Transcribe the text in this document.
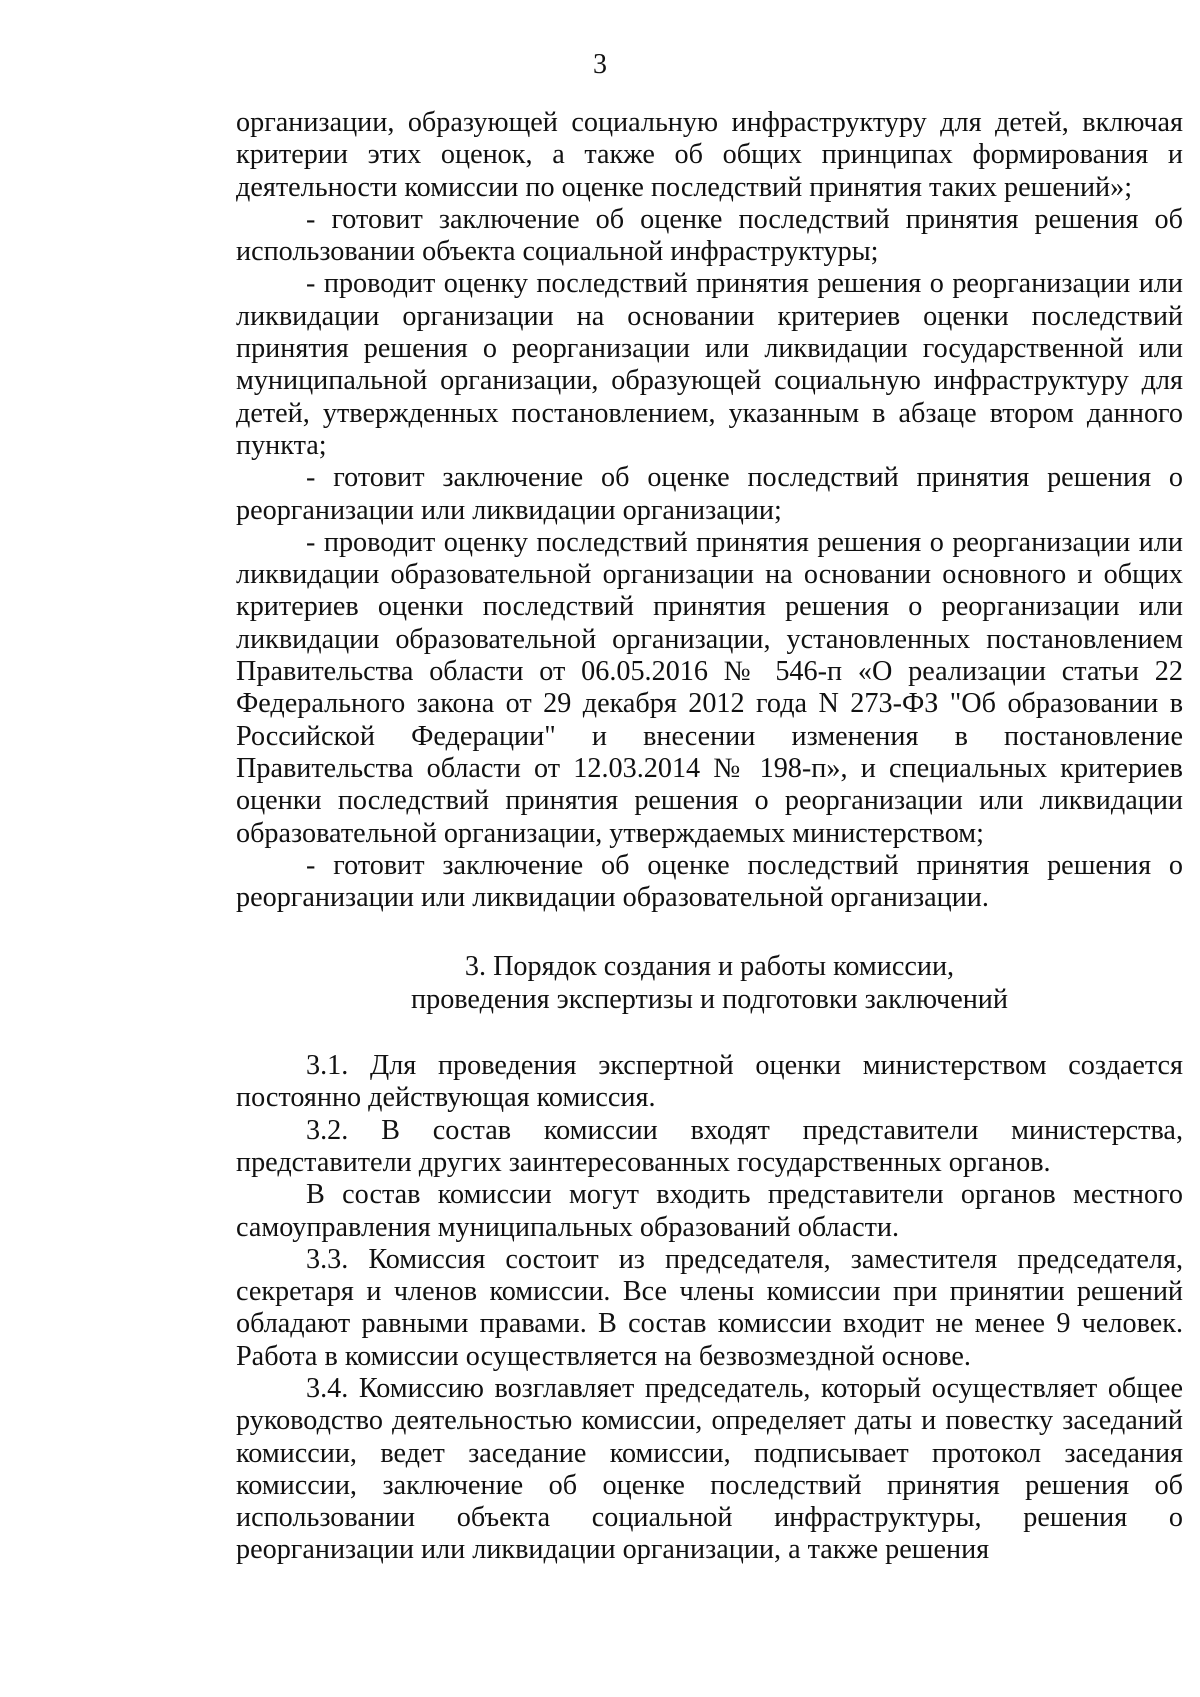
3

организации, образующей социальную инфраструктуру для детей, включая критерии этих оценок, а также об общих принципах формирования и деятельности комиссии по оценке последствий принятия таких решений»;

- готовит заключение об оценке последствий принятия решения об использовании объекта социальной инфраструктуры;

- проводит оценку последствий принятия решения о реорганизации или ликвидации организации на основании критериев оценки последствий принятия решения о реорганизации или ликвидации государственной или муниципальной организации, образующей социальную инфраструктуру для детей, утвержденных постановлением, указанным в абзаце втором данного пункта;

- готовит заключение об оценке последствий принятия решения о реорганизации или ликвидации организации;

- проводит оценку последствий принятия решения о реорганизации или ликвидации образовательной организации на основании основного и общих критериев оценки последствий принятия решения о реорганизации или ликвидации образовательной организации, установленных постановлением Правительства области от 06.05.2016 № 546-п «О реализации статьи 22 Федерального закона от 29 декабря 2012 года N 273-ФЗ "Об образовании в Российской Федерации" и внесении изменения в постановление Правительства области от 12.03.2014 № 198-п», и специальных критериев оценки последствий принятия решения о реорганизации или ликвидации образовательной организации, утверждаемых министерством;

- готовит заключение об оценке последствий принятия решения о реорганизации или ликвидации образовательной организации.

3. Порядок создания и работы комиссии,
проведения экспертизы и подготовки заключений

3.1. Для проведения экспертной оценки министерством создается постоянно действующая комиссия.

3.2. В состав комиссии входят представители министерства, представители других заинтересованных государственных органов.

В состав комиссии могут входить представители органов местного самоуправления муниципальных образований области.

3.3. Комиссия состоит из председателя, заместителя председателя, секретаря и членов комиссии. Все члены комиссии при принятии решений обладают равными правами. В состав комиссии входит не менее 9 человек. Работа в комиссии осуществляется на безвозмездной основе.

3.4. Комиссию возглавляет председатель, который осуществляет общее руководство деятельностью комиссии, определяет даты и повестку заседаний комиссии, ведет заседание комиссии, подписывает протокол заседания комиссии, заключение об оценке последствий принятия решения об использовании объекта социальной инфраструктуры, решения о реорганизации или ликвидации организации, а также решения
